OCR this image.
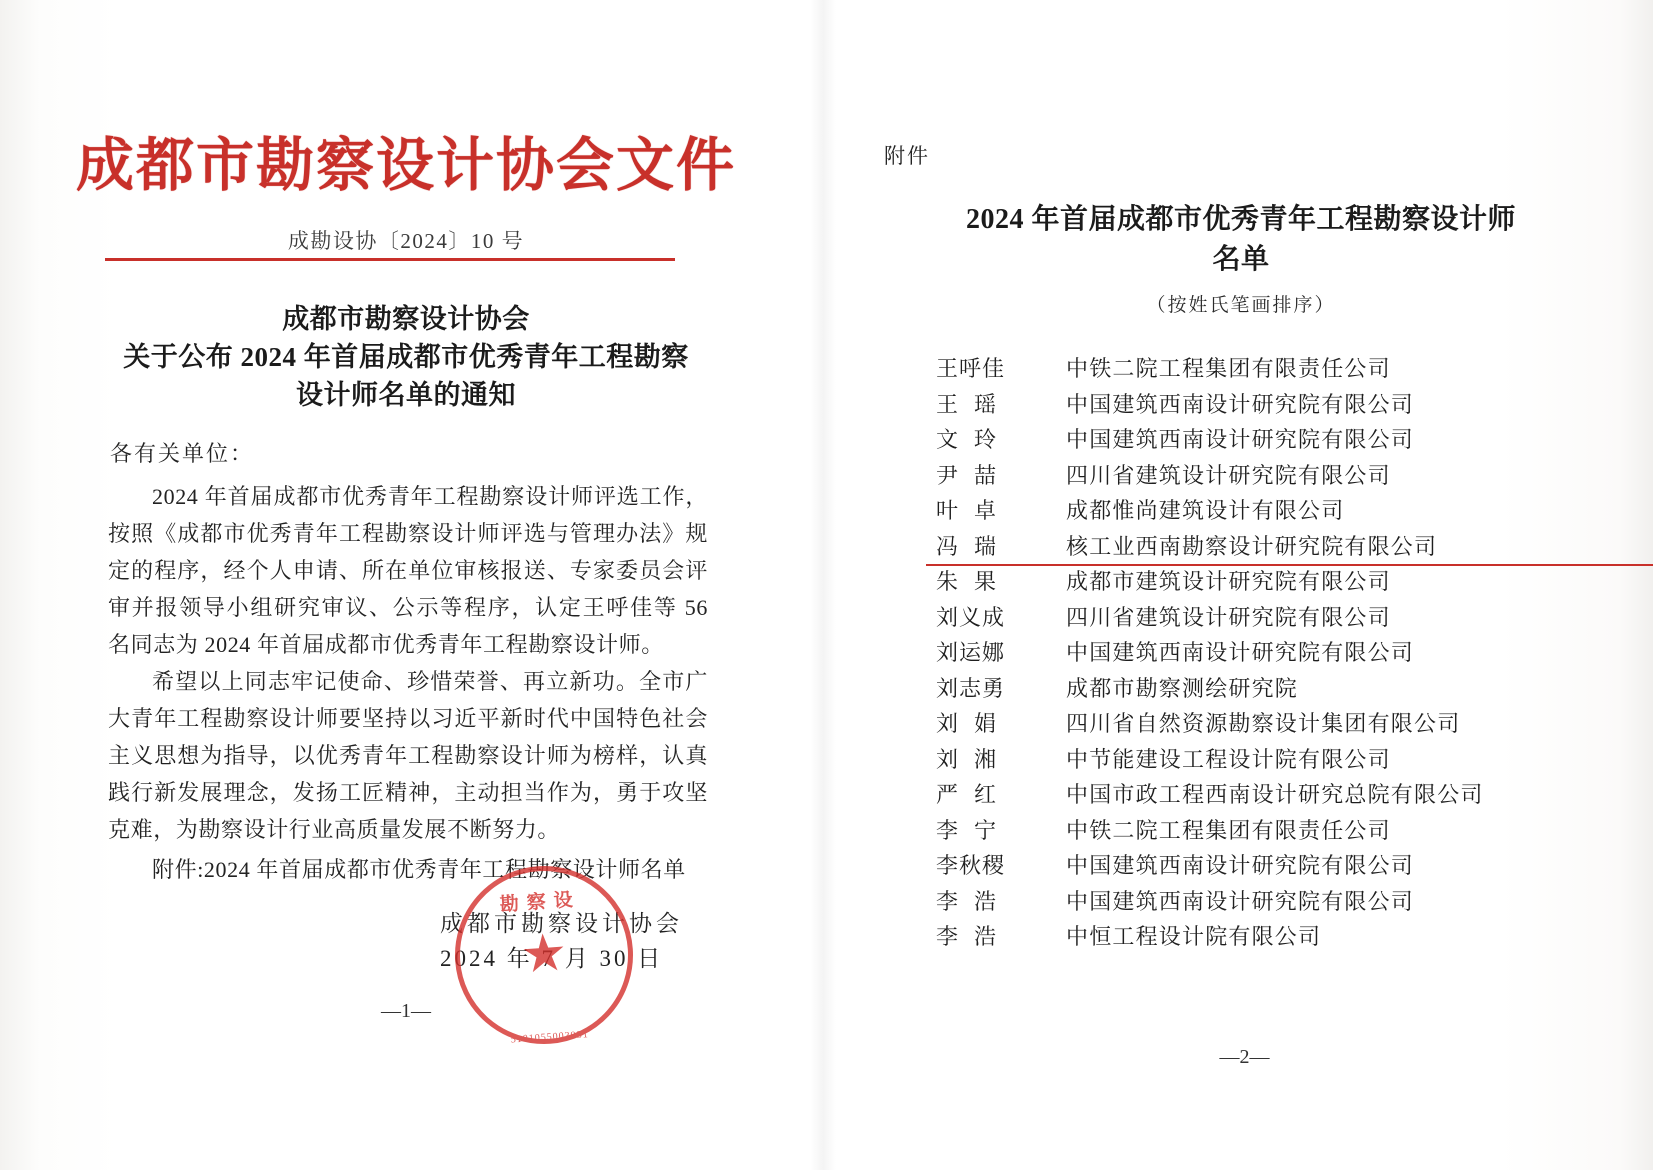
成都市勘察设计协会文件
成勘设协〔2024〕10 号
成都市勘察设计协会
关于公布 2024 年首届成都市优秀青年工程勘察
设计师名单的通知
各有关单位：

2024 年首届成都市优秀青年工程勘察设计师评选工作，按照《成都市优秀青年工程勘察设计师评选与管理办法》规定的程序，经个人申请、所在单位审核报送、专家委员会评审并报领导小组研究审议、公示等程序，认定王呼佳等 56 名同志为 2024 年首届成都市优秀青年工程勘察设计师。

希望以上同志牢记使命、珍惜荣誉、再立新功。全市广大青年工程勘察设计师要坚持以习近平新时代中国特色社会主义思想为指导，以优秀青年工程勘察设计师为榜样，认真践行新发展理念，发扬工匠精神，主动担当作为，勇于攻坚克难，为勘察设计行业高质量发展不断努力。

附件:2024 年首届成都市优秀青年工程勘察设计师名单
成都市勘察设计协会
2024 年 7 月 30 日
勘察设
5101055003931
—1—
附件
2024 年首届成都市优秀青年工程勘察设计师
名单
（按姓氏笔画排序）
王呼佳	中铁二院工程集团有限责任公司
王瑶	中国建筑西南设计研究院有限公司
文玲	中国建筑西南设计研究院有限公司
尹喆	四川省建筑设计研究院有限公司
叶卓	成都惟尚建筑设计有限公司
冯瑞	核工业西南勘察设计研究院有限公司
朱果	成都市建筑设计研究院有限公司
刘义成	四川省建筑设计研究院有限公司
刘运娜	中国建筑西南设计研究院有限公司
刘志勇	成都市勘察测绘研究院
刘娟	四川省自然资源勘察设计集团有限公司
刘湘	中节能建设工程设计院有限公司
严红	中国市政工程西南设计研究总院有限公司
李宁	中铁二院工程集团有限责任公司
李秋稷	中国建筑西南设计研究院有限公司
李浩	中国建筑西南设计研究院有限公司
李浩	中恒工程设计院有限公司
—2—
